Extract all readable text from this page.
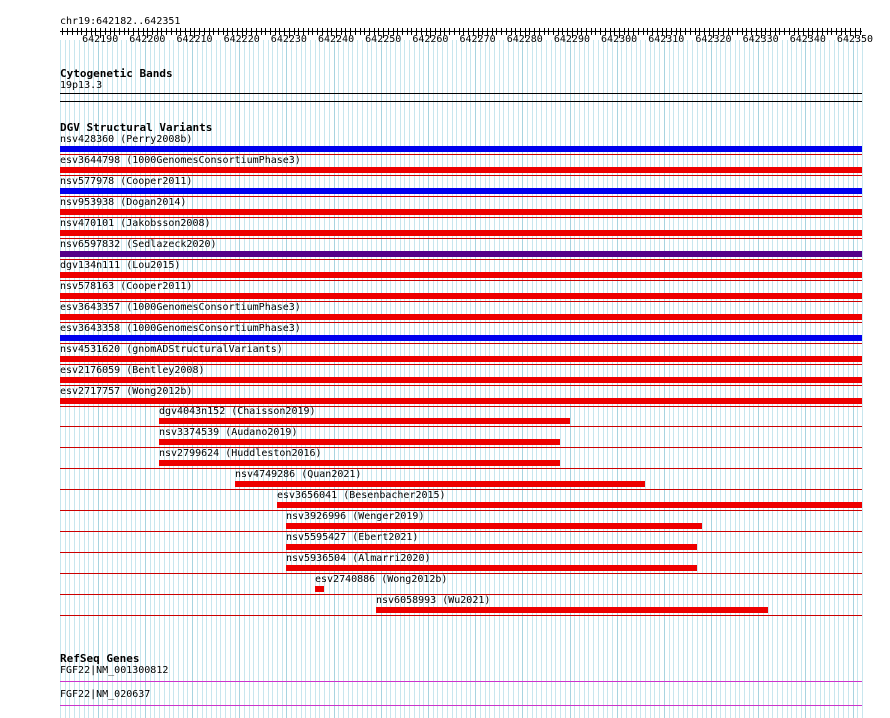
chr19:642182..642351
642190 642200 642210 642220 642230 642240 642250 642260 642270 642280 642290 642300 642310 642320 642330 642340 642350
Cytogenetic Bands
19p13.3
DGV Structural Variants
nsv428360 (Perry2008b)
esv3644798 (1000GenomesConsortiumPhase3)
nsv577978 (Cooper2011)
nsv953938 (Dogan2014)
nsv470101 (Jakobsson2008)
nsv6597832 (Sedlazeck2020)
dgv134n111 (Lou2015)
nsv578163 (Cooper2011)
esv3643357 (1000GenomesConsortiumPhase3)
esv3643358 (1000GenomesConsortiumPhase3)
nsv4531620 (gnomADStructuralVariants)
esv2176059 (Bentley2008)
esv2717757 (Wong2012b)
dgv4043n152 (Chaisson2019)
nsv3374539 (Audano2019)
nsv2799624 (Huddleston2016)
nsv4749286 (Quan2021)
esv3656041 (Besenbacher2015)
nsv3926996 (Wenger2019)
nsv5595427 (Ebert2021)
nsv5936504 (Almarri2020)
esv2740886 (Wong2012b)
nsv6058993 (Wu2021)
RefSeq Genes
FGF22|NM_001300812
FGF22|NM_020637
